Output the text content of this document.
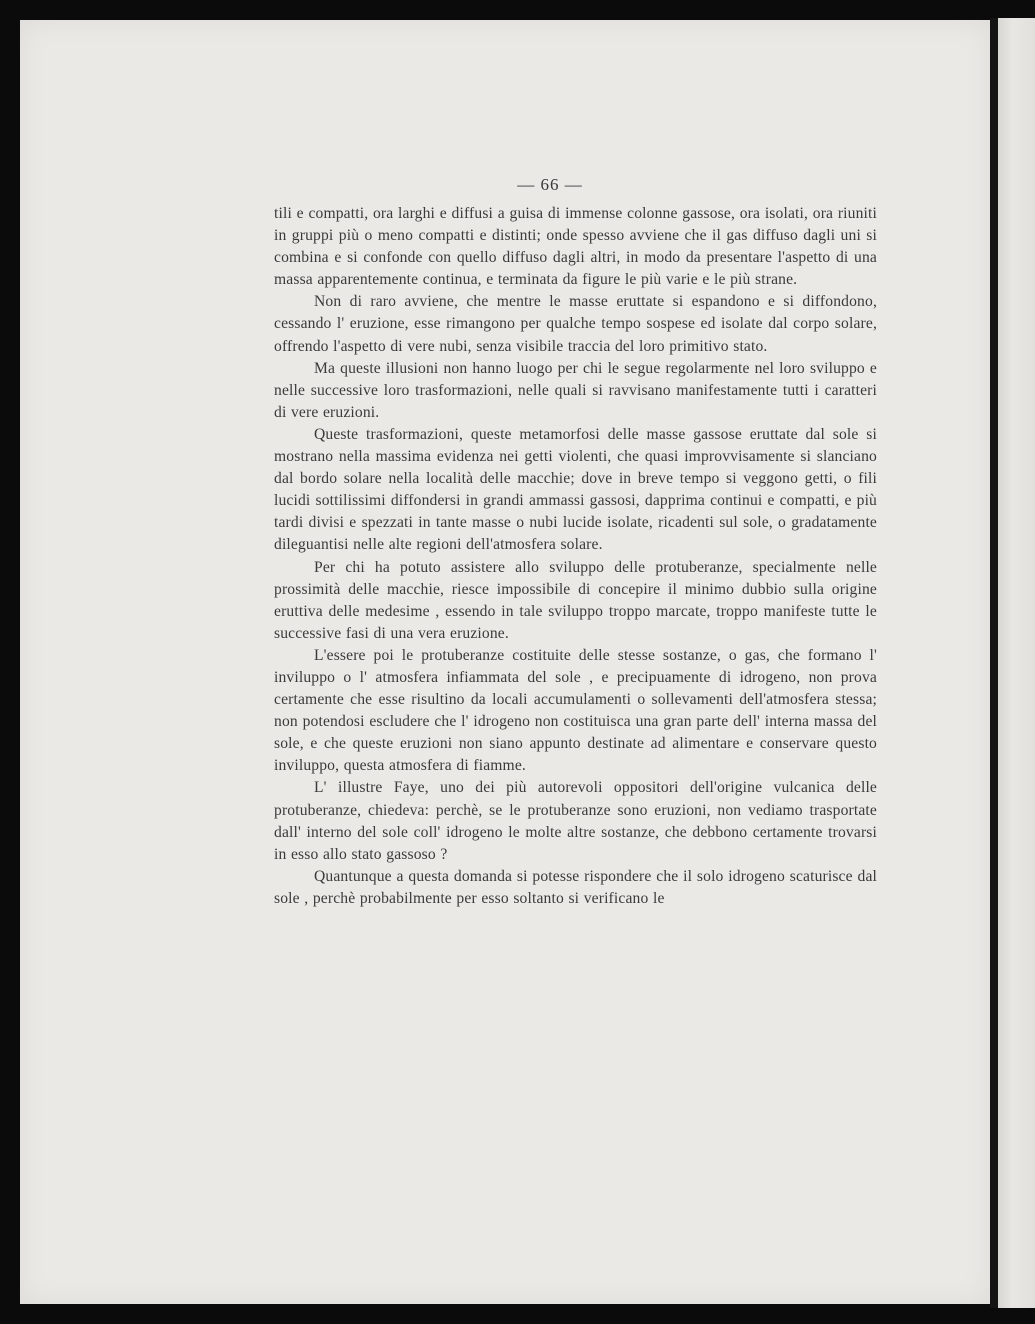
— 66 —

tili e compatti, ora larghi e diffusi a guisa di immense colonne gassose, ora isolati, ora riuniti in gruppi più o meno compatti e distinti; onde spesso avviene che il gas diffuso dagli uni si combina e si confonde con quello diffuso dagli altri, in modo da presentare l'aspetto di una massa apparentemente continua, e terminata da figure le più varie e le più strane.

Non di raro avviene, che mentre le masse eruttate si espandono e si diffondono, cessando l' eruzione, esse rimangono per qualche tempo sospese ed isolate dal corpo solare, offrendo l'aspetto di vere nubi, senza visibile traccia del loro primitivo stato.

Ma queste illusioni non hanno luogo per chi le segue regolarmente nel loro sviluppo e nelle successive loro trasformazioni, nelle quali si ravvisano manifestamente tutti i caratteri di vere eruzioni.

Queste trasformazioni, queste metamorfosi delle masse gassose eruttate dal sole si mostrano nella massima evidenza nei getti violenti, che quasi improvvisamente si slanciano dal bordo solare nella località delle macchie; dove in breve tempo si veggono getti, o fili lucidi sottilissimi diffondersi in grandi ammassi gassosi, dapprima continui e compatti, e più tardi divisi e spezzati in tante masse o nubi lucide isolate, ricadenti sul sole, o gradatamente dileguantisi nelle alte regioni dell'atmosfera solare.

Per chi ha potuto assistere allo sviluppo delle protuberanze, specialmente nelle prossimità delle macchie, riesce impossibile di concepire il minimo dubbio sulla origine eruttiva delle medesime , essendo in tale sviluppo troppo marcate, troppo manifeste tutte le successive fasi di una vera eruzione.

L'essere poi le protuberanze costituite delle stesse sostanze, o gas, che formano l' inviluppo o l' atmosfera infiammata del sole , e precipuamente di idrogeno, non prova certamente che esse risultino da locali accumulamenti o sollevamenti dell'atmosfera stessa; non potendosi escludere che l' idrogeno non costituisca una gran parte dell' interna massa del sole, e che queste eruzioni non siano appunto destinate ad alimentare e conservare questo inviluppo, questa atmosfera di fiamme.

L' illustre Faye, uno dei più autorevoli oppositori dell'origine vulcanica delle protuberanze, chiedeva: perchè, se le protuberanze sono eruzioni, non vediamo trasportate dall' interno del sole coll' idrogeno le molte altre sostanze, che debbono certamente trovarsi in esso allo stato gassoso ?

Quantunque a questa domanda si potesse rispondere che il solo idrogeno scaturisce dal sole , perchè probabilmente per esso soltanto si verificano le
